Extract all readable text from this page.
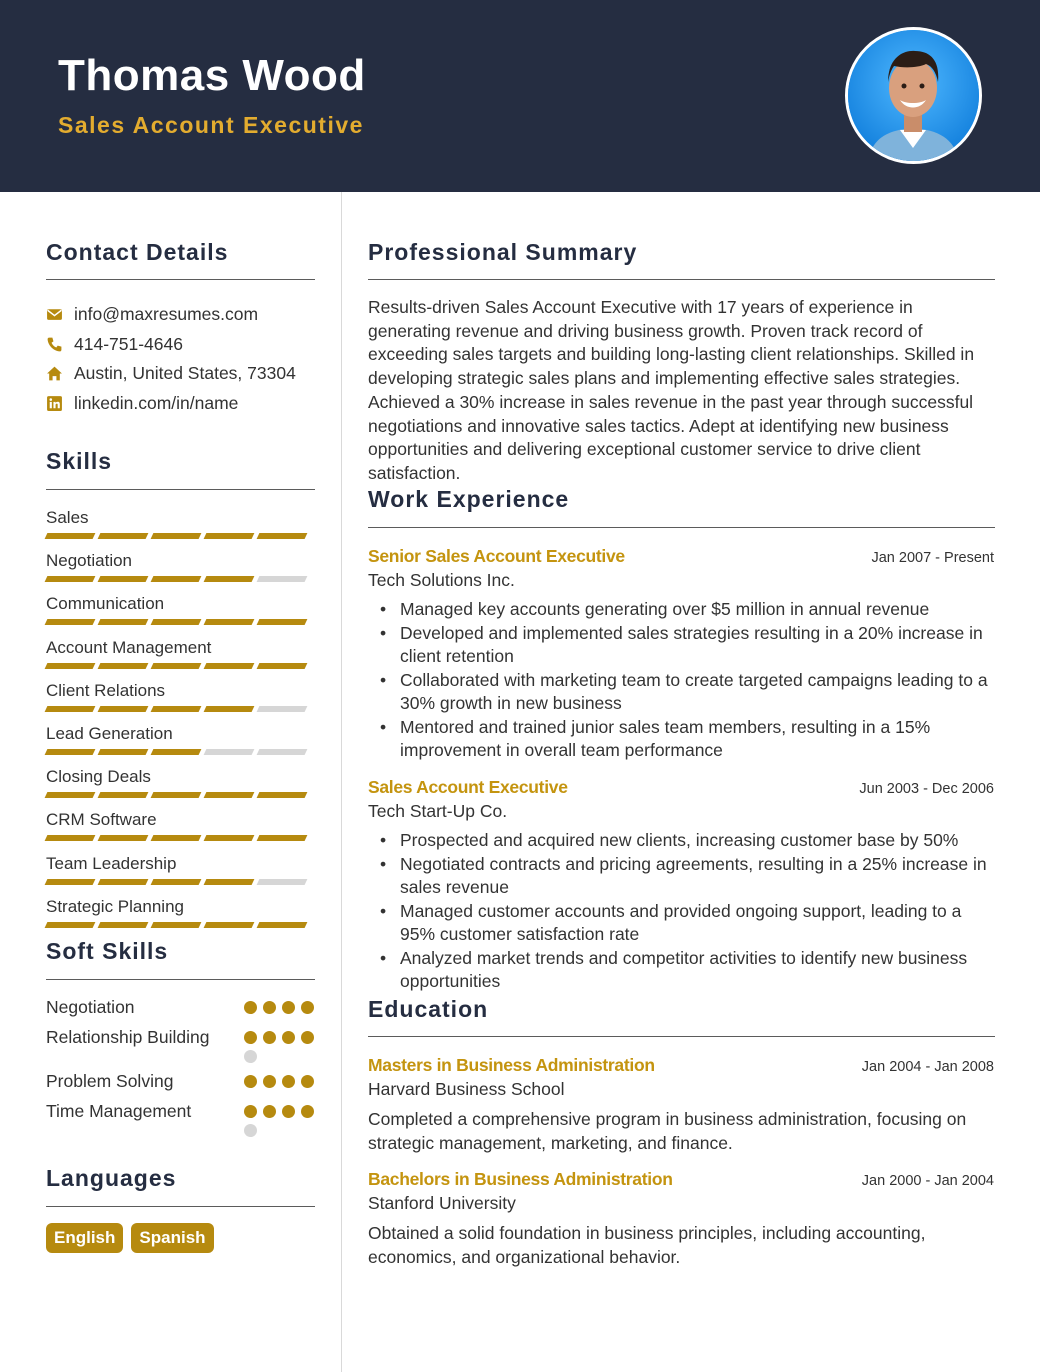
Thomas Wood
Sales Account Executive
Contact Details
info@maxresumes.com
414-751-4646
Austin, United States, 73304
linkedin.com/in/name
Skills
Sales
Negotiation
Communication
Account Management
Client Relations
Lead Generation
Closing Deals
CRM Software
Team Leadership
Strategic Planning
Soft Skills
Negotiation
Relationship Building
Problem Solving
Time Management
Languages
English	Spanish
Professional Summary
Results-driven Sales Account Executive with 17 years of experience in generating revenue and driving business growth. Proven track record of exceeding sales targets and building long-lasting client relationships. Skilled in developing strategic sales plans and implementing effective sales strategies. Achieved a 30% increase in sales revenue in the past year through successful negotiations and innovative sales tactics. Adept at identifying new business opportunities and delivering exceptional customer service to drive client satisfaction.
Work Experience
Senior Sales Account Executive	Jan 2007 - Present
Tech Solutions Inc.
• Managed key accounts generating over $5 million in annual revenue
• Developed and implemented sales strategies resulting in a 20% increase in client retention
• Collaborated with marketing team to create targeted campaigns leading to a 30% growth in new business
• Mentored and trained junior sales team members, resulting in a 15% improvement in overall team performance
Sales Account Executive	Jun 2003 - Dec 2006
Tech Start-Up Co.
• Prospected and acquired new clients, increasing customer base by 50%
• Negotiated contracts and pricing agreements, resulting in a 25% increase in sales revenue
• Managed customer accounts and provided ongoing support, leading to a 95% customer satisfaction rate
• Analyzed market trends and competitor activities to identify new business opportunities
Education
Masters in Business Administration	Jan 2004 - Jan 2008
Harvard Business School
Completed a comprehensive program in business administration, focusing on strategic management, marketing, and finance.
Bachelors in Business Administration	Jan 2000 - Jan 2004
Stanford University
Obtained a solid foundation in business principles, including accounting, economics, and organizational behavior.
